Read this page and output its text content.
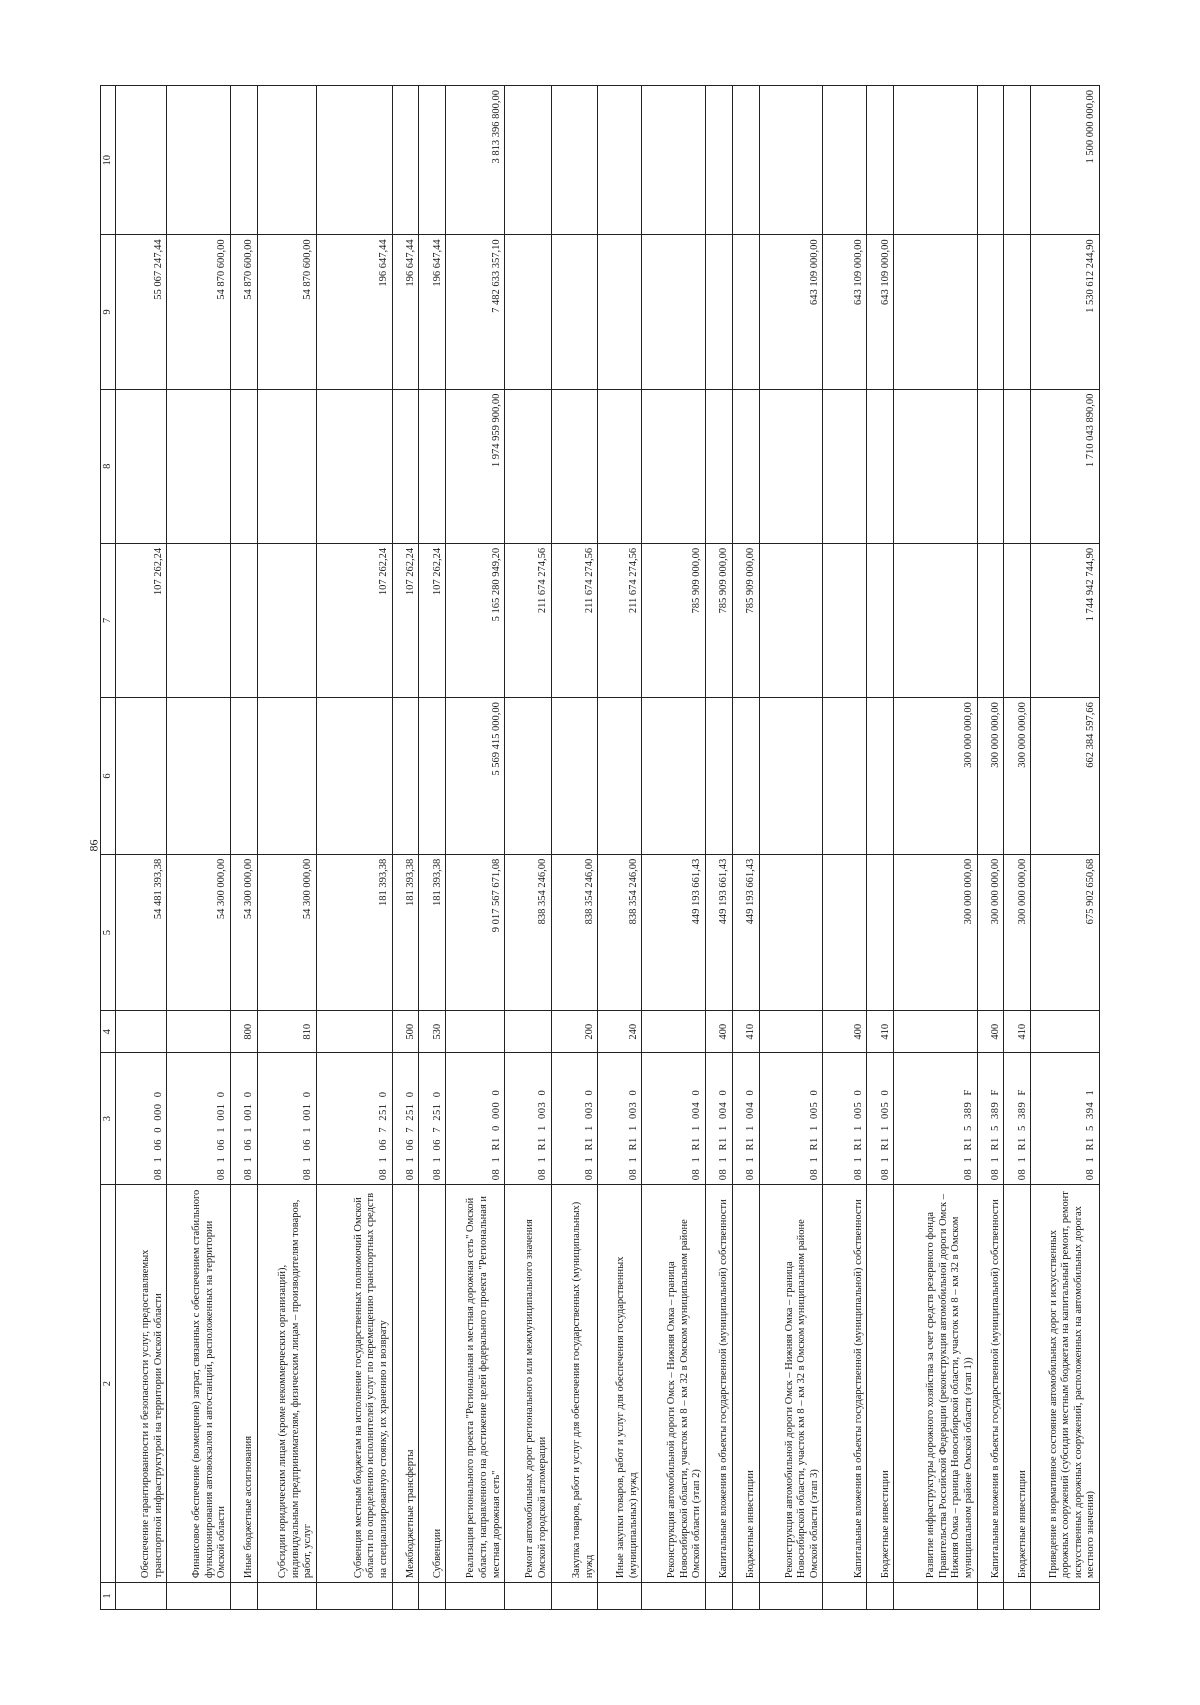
86
1	2	3	4	5	6	7	8	9	10
	Обеспечение гарантированности и безопасности услуг, предоставляемых транспортной инфраструктурой на территории Омской области	08  1  06  0  000  0		54 481 393,38		107 262,24		55 067 247,44	
	Финансовое обеспечение (возмещение) затрат, связанных с обеспечением стабильного функционирования автовокзалов и автостанций, расположенных на территории Омской области	08  1  06  1  001  0		54 300 000,00				54 870 600,00	
	Иные бюджетные ассигнования	08  1  06  1  001  0	800	54 300 000,00				54 870 600,00	
	Субсидии юридическим лицам (кроме некоммерческих организаций), индивидуальным предпринимателям, физическим лицам – производителям товаров, работ, услуг	08  1  06  1  001  0	810	54 300 000,00				54 870 600,00	
	Субвенция местным бюджетам на исполнение государственных полномочий Омской области по определению исполнителей услуг по перемещению транспортных средств на специализированную стоянку, их хранению и возврату	08  1  06  7  251  0		181 393,38		107 262,24		196 647,44	
	Межбюджетные трансферты	08  1  06  7  251  0	500	181 393,38		107 262,24		196 647,44	
	Субвенции	08  1  06  7  251  0	530	181 393,38		107 262,24		196 647,44	
	Реализация регионального проекта "Региональная и местная дорожная сеть" Омской области, направленного на достижение целей федерального проекта "Региональная и местная дорожная сеть"	08  1  R1  0  000  0		9 017 567 671,08	5 569 415 000,00	5 165 280 949,20	1 974 959 900,00	7 482 633 357,10	3 813 396 800,00
	Ремонт автомобильных дорог регионального или межмуниципального значения Омской городской агломерации	08  1  R1  1  003  0		838 354 246,00		211 674 274,56			
	Закупка товаров, работ и услуг для обеспечения государственных (муниципальных) нужд	08  1  R1  1  003  0	200	838 354 246,00		211 674 274,56			
	Иные закупки товаров, работ и услуг для обеспечения государственных (муниципальных) нужд	08  1  R1  1  003  0	240	838 354 246,00		211 674 274,56			
	Реконструкция автомобильной дороги Омск – Нижняя Омка – граница Новосибирской области, участок км 8 – км 32 в Омском муниципальном районе Омской области (этап 2)	08  1  R1  1  004  0		449 193 661,43		785 909 000,00			
	Капитальные вложения в объекты государственной (муниципальной) собственности	08  1  R1  1  004  0	400	449 193 661,43		785 909 000,00			
	Бюджетные инвестиции	08  1  R1  1  004  0	410	449 193 661,43		785 909 000,00			
	Реконструкция автомобильной дороги Омск – Нижняя Омка – граница Новосибирской области, участок км 8 – км 32 в Омском муниципальном районе Омской области (этап 3)	08  1  R1  1  005  0						643 109 000,00	
	Капитальные вложения в объекты государственной (муниципальной) собственности	08  1  R1  1  005  0	400					643 109 000,00	
	Бюджетные инвестиции	08  1  R1  1  005  0	410					643 109 000,00	
	Развитие инфраструктуры дорожного хозяйства за счет средств резервного фонда Правительства Российской Федерации (реконструкция автомобильной дороги Омск – Нижняя Омка – граница Новосибирской области, участок км 8 – км 32 в Омском муниципальном районе Омской области (этап 1))	08  1  R1  5  389  F		300 000 000,00	300 000 000,00				
	Капитальные вложения в объекты государственной (муниципальной) собственности	08  1  R1  5  389  F	400	300 000 000,00	300 000 000,00				
	Бюджетные инвестиции	08  1  R1  5  389  F	410	300 000 000,00	300 000 000,00				
	Приведение в нормативное состояние автомобильных дорог и искусственных дорожных сооружений (субсидии местным бюджетам на капитальный ремонт, ремонт искусственных дорожных сооружений, расположенных на автомобильных дорогах местного значения)	08  1  R1  5  394  1		675 902 650,68	662 384 597,66	1 744 942 744,90	1 710 043 890,00	1 530 612 244,90	1 500 000 000,00
